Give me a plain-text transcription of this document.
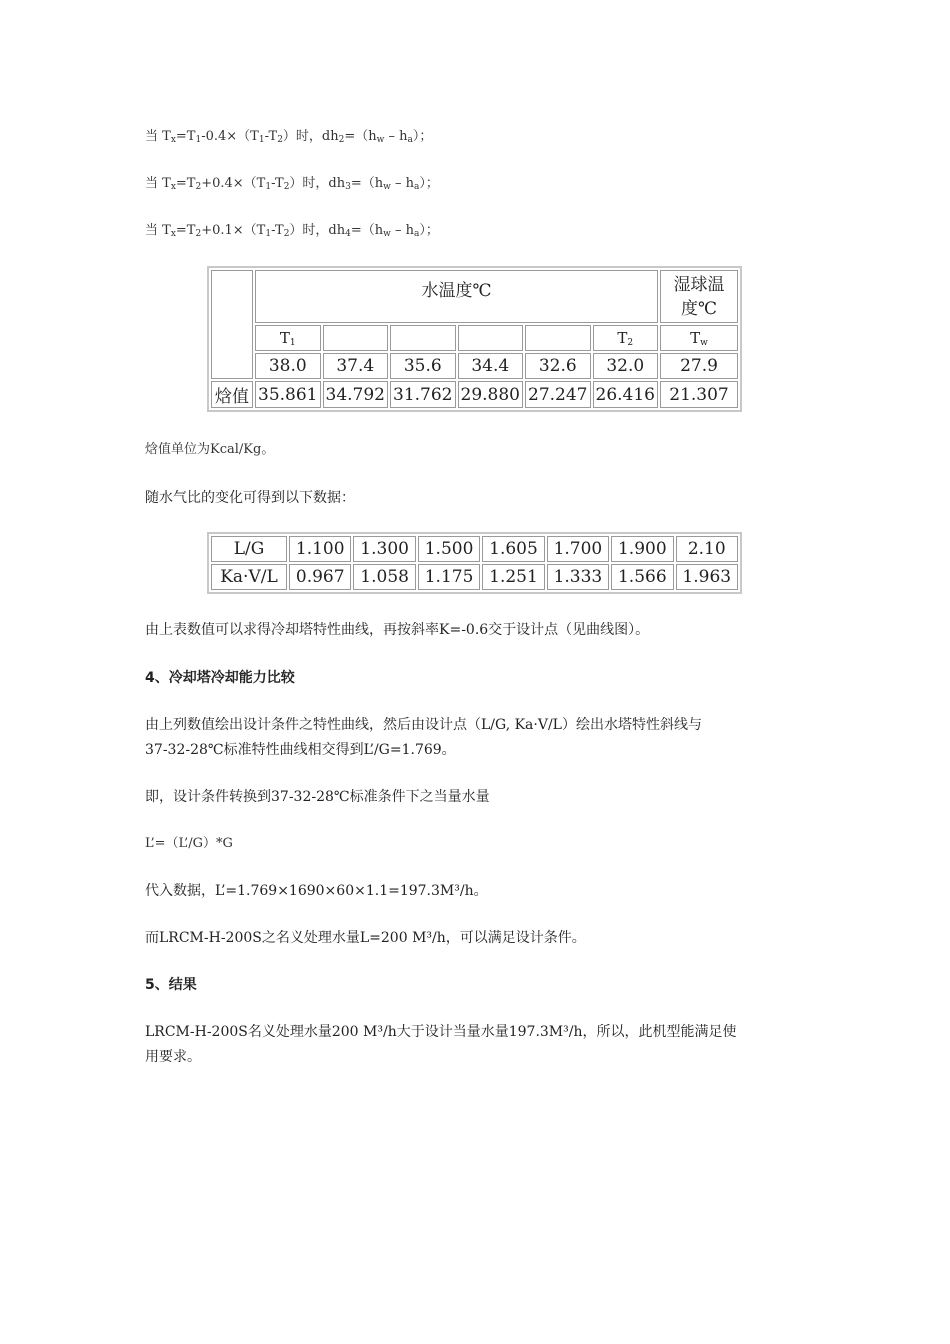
当 $T_x=T_1-0.4\times(T_1-T_2)$时，$dh_2=(h_w - h_a)$；
当 $T_x=T_2+0.4\times(T_1-T_2)$时，$dh_3=(h_w - h_a)$；
当 $T_x=T_2+0.1\times(T_1-T_2)$时，$dh_4=(h_w - h_a)$；
	水温度℃						湿球温度℃
	$T_1$					$T_2$	$T_w$
	38.0	37.4	35.6	34.4	32.6	32.0	27.9
焓值	35.861	34.792	31.762	29.880	27.247	26.416	21.307
焓值单位为Kcal/Kg。
随水气比的变化可得到以下数据：
L/G	1.100	1.300	1.500	1.605	1.700	1.900	2.10
Ka·V/L	0.967	1.058	1.175	1.251	1.333	1.566	1.963
由上表数值可以求得冷却塔特性曲线，再按斜率K=-0.6交于设计点（见曲线图）。
4、冷却塔冷却能力比较
由上列数值绘出设计条件之特性曲线，然后由设计点（L/G, Ka·V/L）绘出水塔特性斜线与
37-32-28℃标准特性曲线相交得到L’/G=1.769。
即，设计条件转换到37-32-28℃标准条件下之当量水量
L’=（L’/G）*G
代入数据，L’=1.769×1690×60×1.1=197.3M³/h。
而LRCM-H-200S之名义处理水量L=200 M³/h，可以满足设计条件。
5、结果
LRCM-H-200S名义处理水量200 M³/h大于设计当量水量197.3M³/h，所以，此机型能满足使
用要求。
